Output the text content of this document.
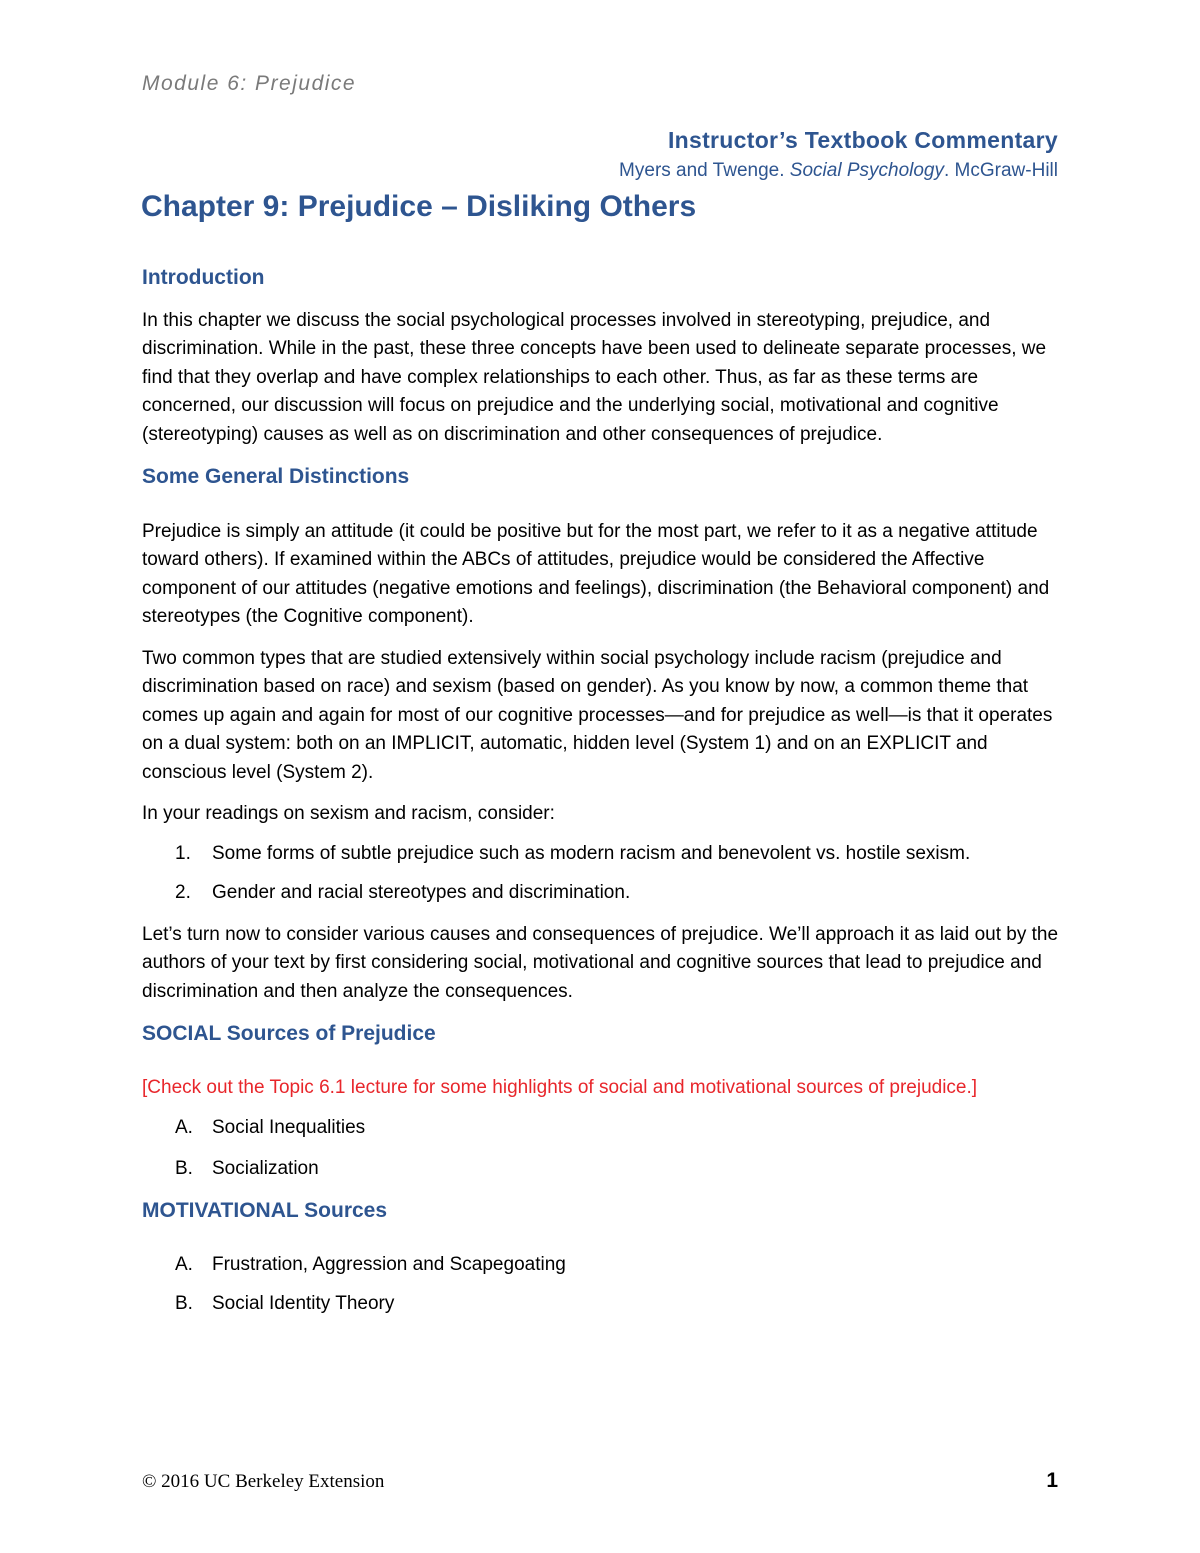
Module 6: Prejudice
Instructor’s Textbook Commentary
Myers and Twenge. Social Psychology. McGraw-Hill
Chapter 9: Prejudice – Disliking Others
Introduction

In this chapter we discuss the social psychological processes involved in stereotyping, prejudice, and discrimination. While in the past, these three concepts have been used to delineate separate processes, we find that they overlap and have complex relationships to each other. Thus, as far as these terms are concerned, our discussion will focus on prejudice and the underlying social, motivational and cognitive (stereotyping) causes as well as on discrimination and other consequences of prejudice.

Some General Distinctions

Prejudice is simply an attitude (it could be positive but for the most part, we refer to it as a negative attitude toward others). If examined within the ABCs of attitudes, prejudice would be considered the Affective component of our attitudes (negative emotions and feelings), discrimination (the Behavioral component) and stereotypes (the Cognitive component).

Two common types that are studied extensively within social psychology include racism (prejudice and discrimination based on race) and sexism (based on gender). As you know by now, a common theme that comes up again and again for most of our cognitive processes—and for prejudice as well—is that it operates on a dual system: both on an IMPLICIT, automatic, hidden level (System 1) and on an EXPLICIT and conscious level (System 2).

In your readings on sexism and racism, consider:

1. Some forms of subtle prejudice such as modern racism and benevolent vs. hostile sexism.
2. Gender and racial stereotypes and discrimination.

Let’s turn now to consider various causes and consequences of prejudice. We’ll approach it as laid out by the authors of your text by first considering social, motivational and cognitive sources that lead to prejudice and discrimination and then analyze the consequences.

SOCIAL Sources of Prejudice

[Check out the Topic 6.1 lecture for some highlights of social and motivational sources of prejudice.]

A. Social Inequalities
B. Socialization
MOTIVATIONAL Sources
A. Frustration, Aggression and Scapegoating
B. Social Identity Theory
© 2016 UC Berkeley Extension	1
